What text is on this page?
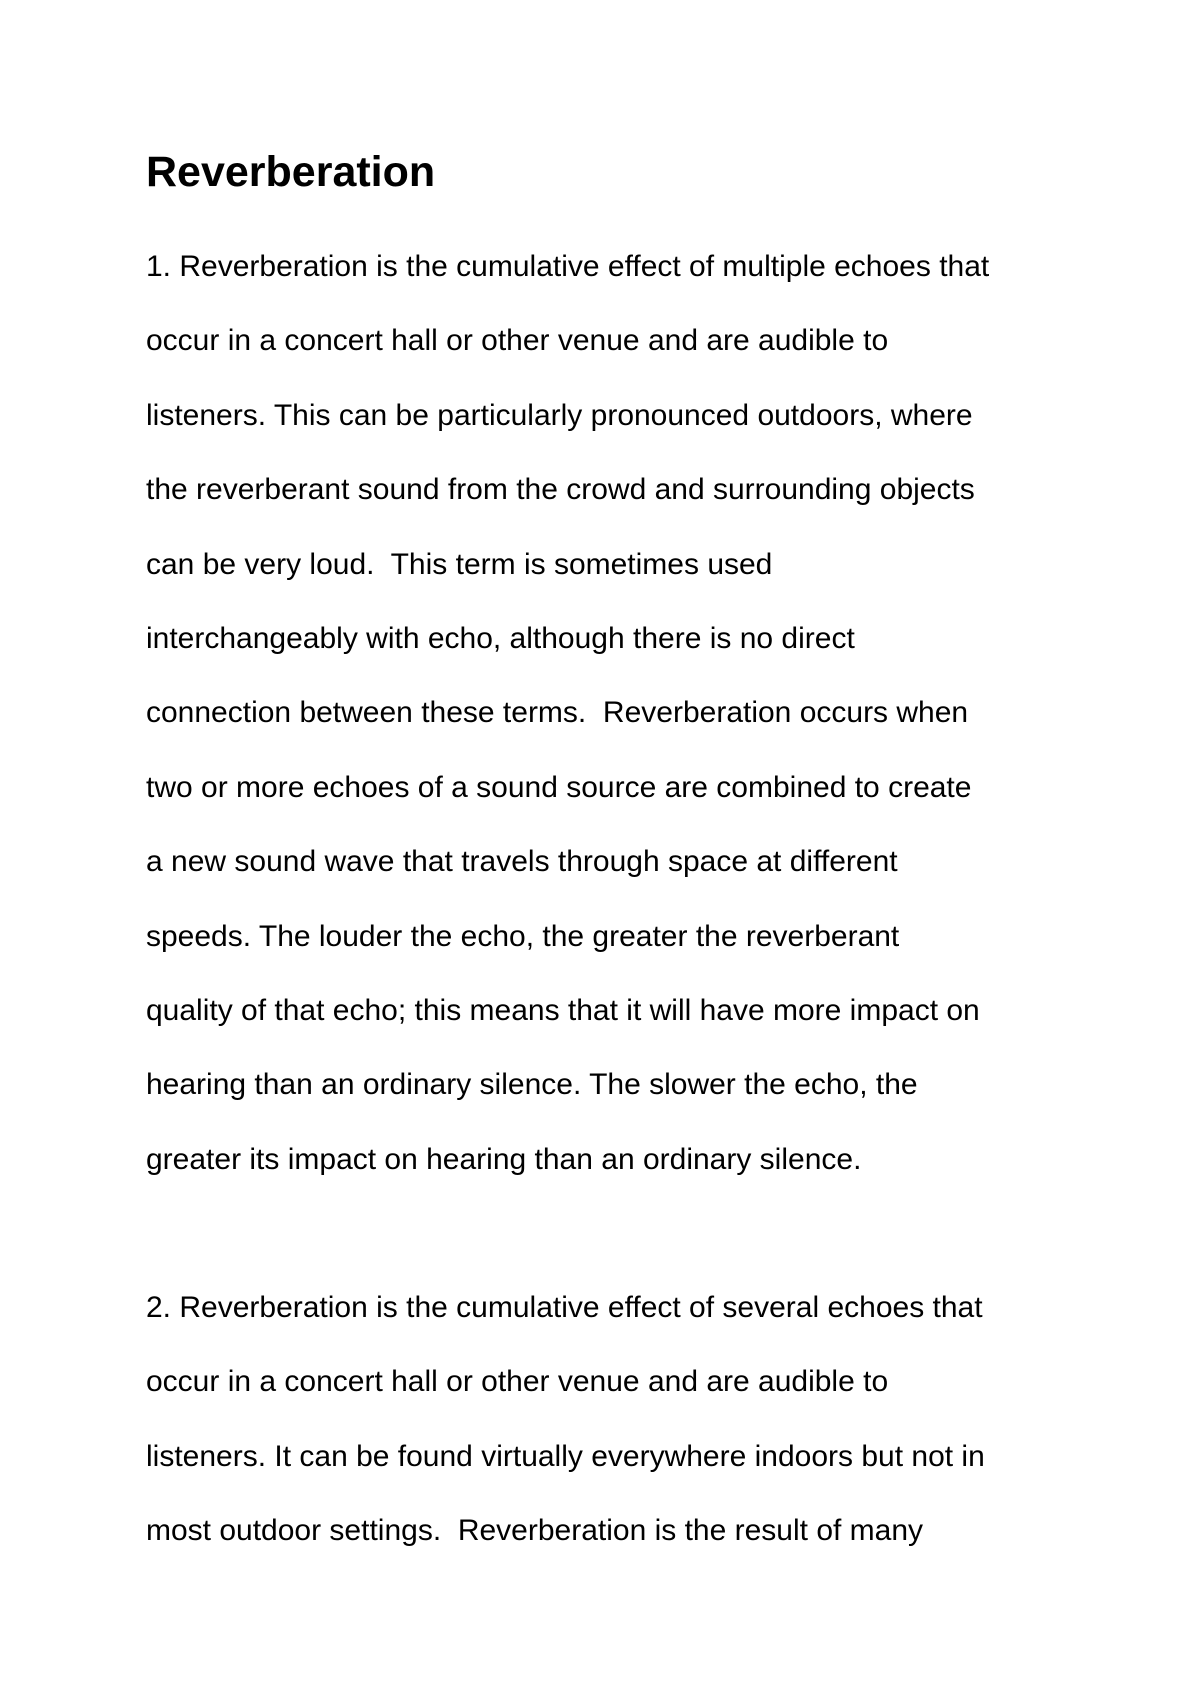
Reverberation
1. Reverberation is the cumulative effect of multiple echoes that
occur in a concert hall or other venue and are audible to
listeners. This can be particularly pronounced outdoors, where
the reverberant sound from the crowd and surrounding objects
can be very loud.  This term is sometimes used
interchangeably with echo, although there is no direct
connection between these terms.  Reverberation occurs when
two or more echoes of a sound source are combined to create
a new sound wave that travels through space at different
speeds. The louder the echo, the greater the reverberant
quality of that echo; this means that it will have more impact on
hearing than an ordinary silence. The slower the echo, the
greater its impact on hearing than an ordinary silence.
2. Reverberation is the cumulative effect of several echoes that
occur in a concert hall or other venue and are audible to
listeners. It can be found virtually everywhere indoors but not in
most outdoor settings.  Reverberation is the result of many
